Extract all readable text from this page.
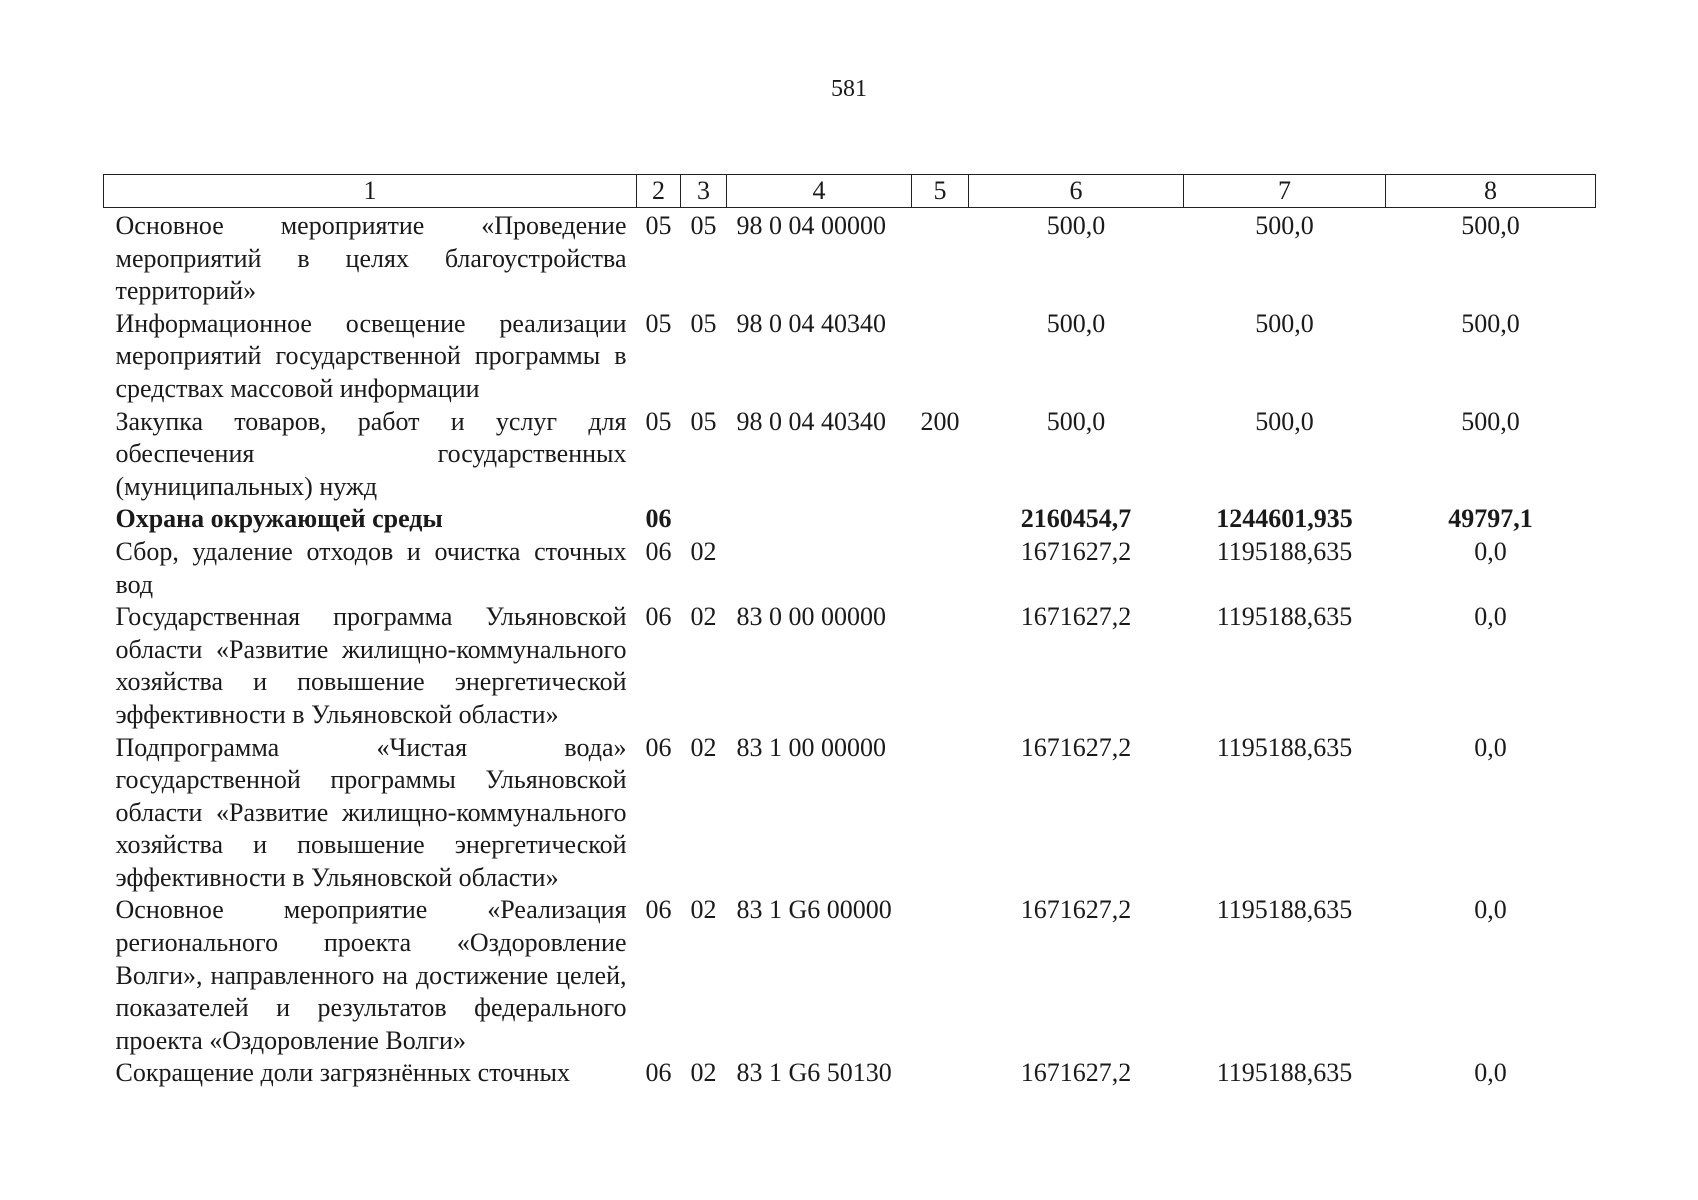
581
1	2	3	4	5	6	7	8
Основное мероприятие «Проведение мероприятий в целях благоустройства территорий»	05	05	98 0 04 00000		500,0	500,0	500,0
Информационное освещение реализации мероприятий государственной программы в средствах массовой информации	05	05	98 0 04 40340		500,0	500,0	500,0
Закупка товаров, работ и услуг для обеспечения государственных (муниципальных) нужд	05	05	98 0 04 40340	200	500,0	500,0	500,0
Охрана окружающей среды	06				2160454,7	1244601,935	49797,1
Сбор, удаление отходов и очистка сточных вод	06	02			1671627,2	1195188,635	0,0
Государственная программа Ульяновской области «Развитие жилищно-коммунального хозяйства и повышение энергетической эффективности в Ульяновской области»	06	02	83 0 00 00000		1671627,2	1195188,635	0,0
Подпрограмма «Чистая вода» государственной программы Ульяновской области «Развитие жилищно-коммунального хозяйства и повышение энергетической эффективности в Ульяновской области»	06	02	83 1 00 00000		1671627,2	1195188,635	0,0
Основное мероприятие «Реализация регионального проекта «Оздоровление Волги», направленного на достижение целей, показателей и результатов федерального проекта «Оздоровление Волги»	06	02	83 1 G6 00000		1671627,2	1195188,635	0,0
Сокращение доли загрязнённых сточных	06	02	83 1 G6 50130		1671627,2	1195188,635	0,0
